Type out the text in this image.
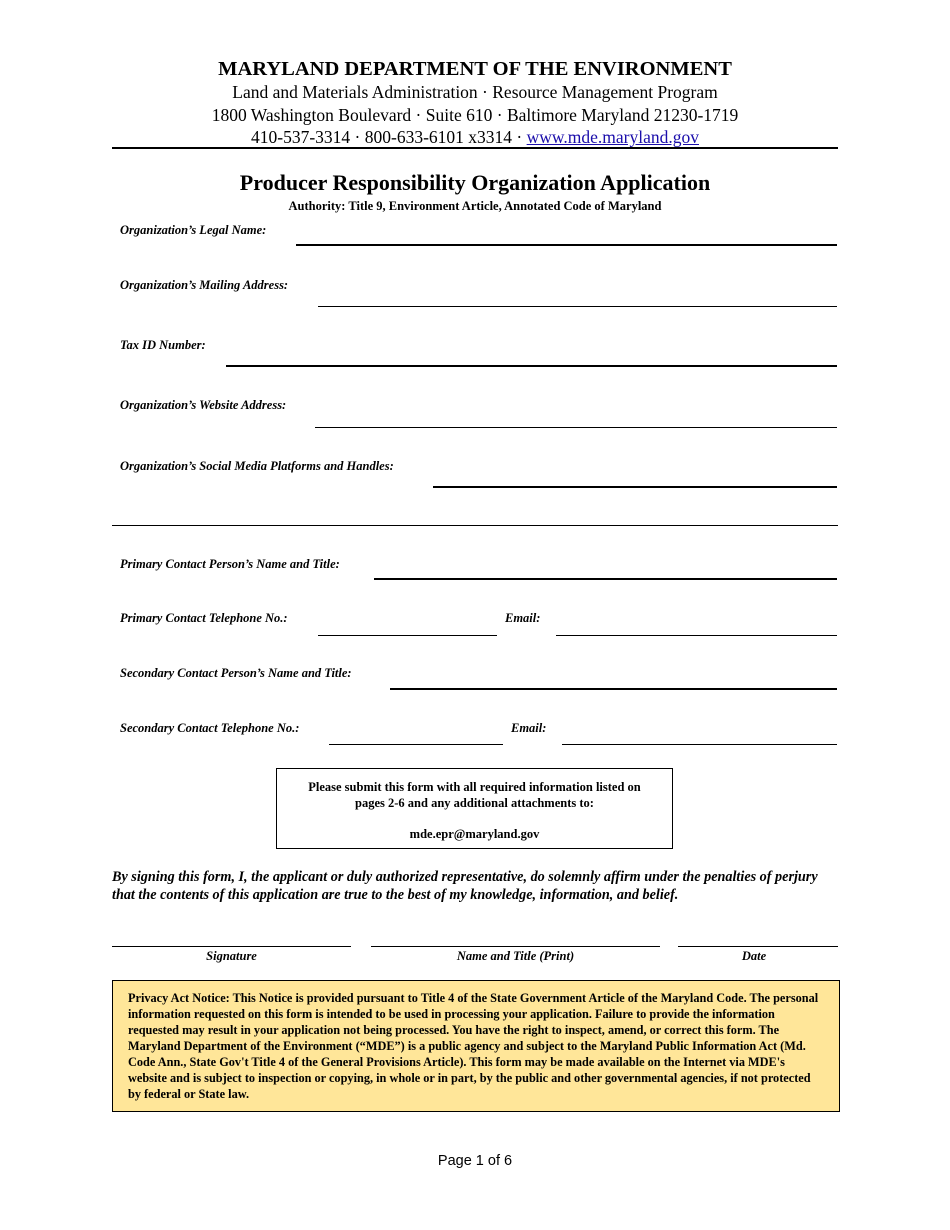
MARYLAND DEPARTMENT OF THE ENVIRONMENT
Land and Materials Administration · Resource Management Program
1800 Washington Boulevard · Suite 610 · Baltimore Maryland 21230-1719
410-537-3314 · 800-633-6101 x3314 · www.mde.maryland.gov
Producer Responsibility Organization Application
Authority: Title 9, Environment Article, Annotated Code of Maryland
Organization’s Legal Name:
Organization’s Mailing Address:
Tax ID Number:
Organization’s Website Address:
Organization’s Social Media Platforms and Handles:
Primary Contact Person’s Name and Title:
Primary Contact Telephone No.:	Email:
Secondary Contact Person’s Name and Title:
Secondary Contact Telephone No.:	Email:
Please submit this form with all required information listed on
pages 2-6 and any additional attachments to:
mde.epr@maryland.gov
By signing this form, I, the applicant or duly authorized representative, do solemnly affirm under the penalties of perjury that the contents of this application are true to the best of my knowledge, information, and belief.
Signature	Name and Title (Print)	Date
Privacy Act Notice: This Notice is provided pursuant to Title 4 of the State Government Article of the Maryland Code. The personal information requested on this form is intended to be used in processing your application. Failure to provide the information requested may result in your application not being processed. You have the right to inspect, amend, or correct this form. The Maryland Department of the Environment (“MDE”) is a public agency and subject to the Maryland Public Information Act (Md. Code Ann., State Gov't Title 4 of the General Provisions Article). This form may be made available on the Internet via MDE's website and is subject to inspection or copying, in whole or in part, by the public and other governmental agencies, if not protected by federal or State law.
Page 1 of 6
